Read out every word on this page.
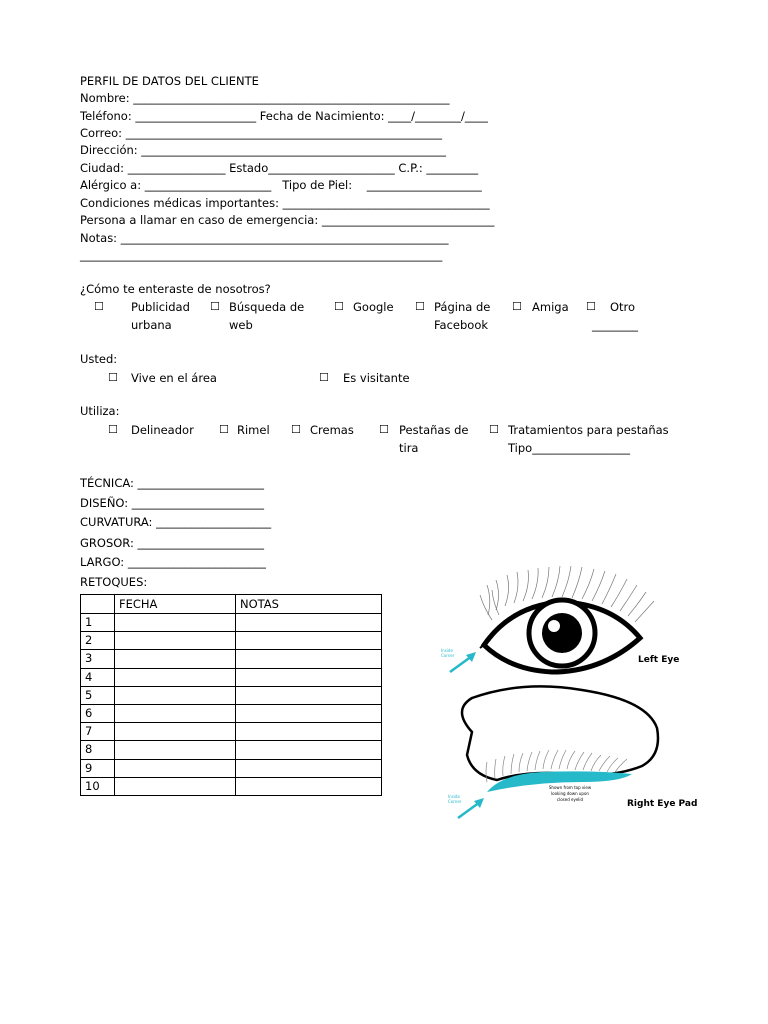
PERFIL DE DATOS DEL CLIENTE
Nombre: _______________________________________________________
Teléfono: _____________________ Fecha de Nacimiento: ____/________/____
Correo: _______________________________________________________
Dirección: _____________________________________________________
Ciudad: _________________ Estado______________________ C.P.: _________
Alérgico a: ______________________   Tipo de Piel:    ____________________
Condiciones médicas importantes: ____________________________________
Persona a llamar en caso de emergencia: ______________________________
Notas: _________________________________________________________
_______________________________________________________________
¿Cómo te enteraste de nosotros?
☐ Publicidad
urbana
☐ Búsqueda de
web
☐ Google ☐ Página de
Facebook
☐ Amiga ☐	Otro
________
Usted:
☐ Vive en el área	☐ Es visitante
Utiliza:
☐ Delineador ☐ Rimel ☐ Cremas ☐ Pestañas de
tira
☐ Tratamientos para pestañas
Tipo_________________
TÉCNICA: ______________________
DISEÑO: _______________________
CURVATURA: ____________________
GROSOR: ______________________
LARGO: ________________________
RETOQUES:
	FECHA	NOTAS
1		
2		
3		
4		
5		
6		
7		
8		
9		
10		
Left Eye
Inside
Corner
Shown from top view
looking down upon
closed eyelid	Right Eye Pad
Inside
Corner
